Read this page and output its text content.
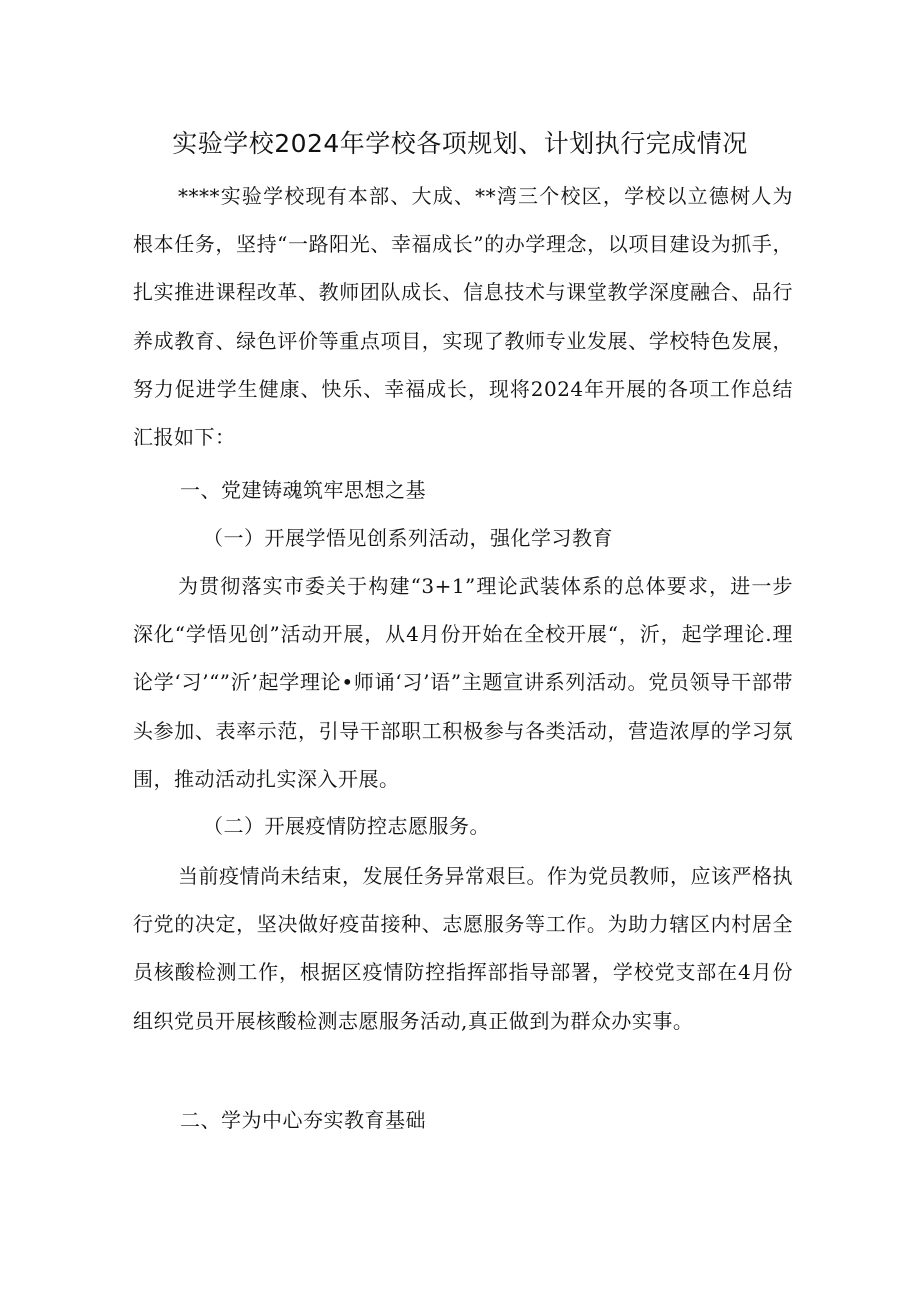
实验学校2024年学校各项规划、计划执行完成情况

****实验学校现有本部、大成、**湾三个校区，学校以立德树人为根本任务，坚持“一路阳光、幸福成长”的办学理念，以项目建设为抓手，扎实推进课程改革、教师团队成长、信息技术与课堂教学深度融合、品行养成教育、绿色评价等重点项目，实现了教师专业发展、学校特色发展，努力促进学生健康、快乐、幸福成长，现将2024年开展的各项工作总结汇报如下：

一、党建铸魂筑牢思想之基

（一）开展学悟见创系列活动，强化学习教育

为贯彻落实市委关于构建“3+1”理论武装体系的总体要求，进一步深化“学悟见创”活动开展，从4月份开始在全校开展“，沂，起学理论.理论学‘习’“”沂’起学理论•师诵‘习’语”主题宣讲系列活动。党员领导干部带头参加、表率示范，引导干部职工积极参与各类活动，营造浓厚的学习氛围，推动活动扎实深入开展。

（二）开展疫情防控志愿服务。

当前疫情尚未结束，发展任务异常艰巨。作为党员教师，应该严格执行党的决定，坚决做好疫苗接种、志愿服务等工作。为助力辖区内村居全员核酸检测工作，根据区疫情防控指挥部指导部署，学校党支部在4月份组织党员开展核酸检测志愿服务活动,真正做到为群众办实事。

二、学为中心夯实教育基础
